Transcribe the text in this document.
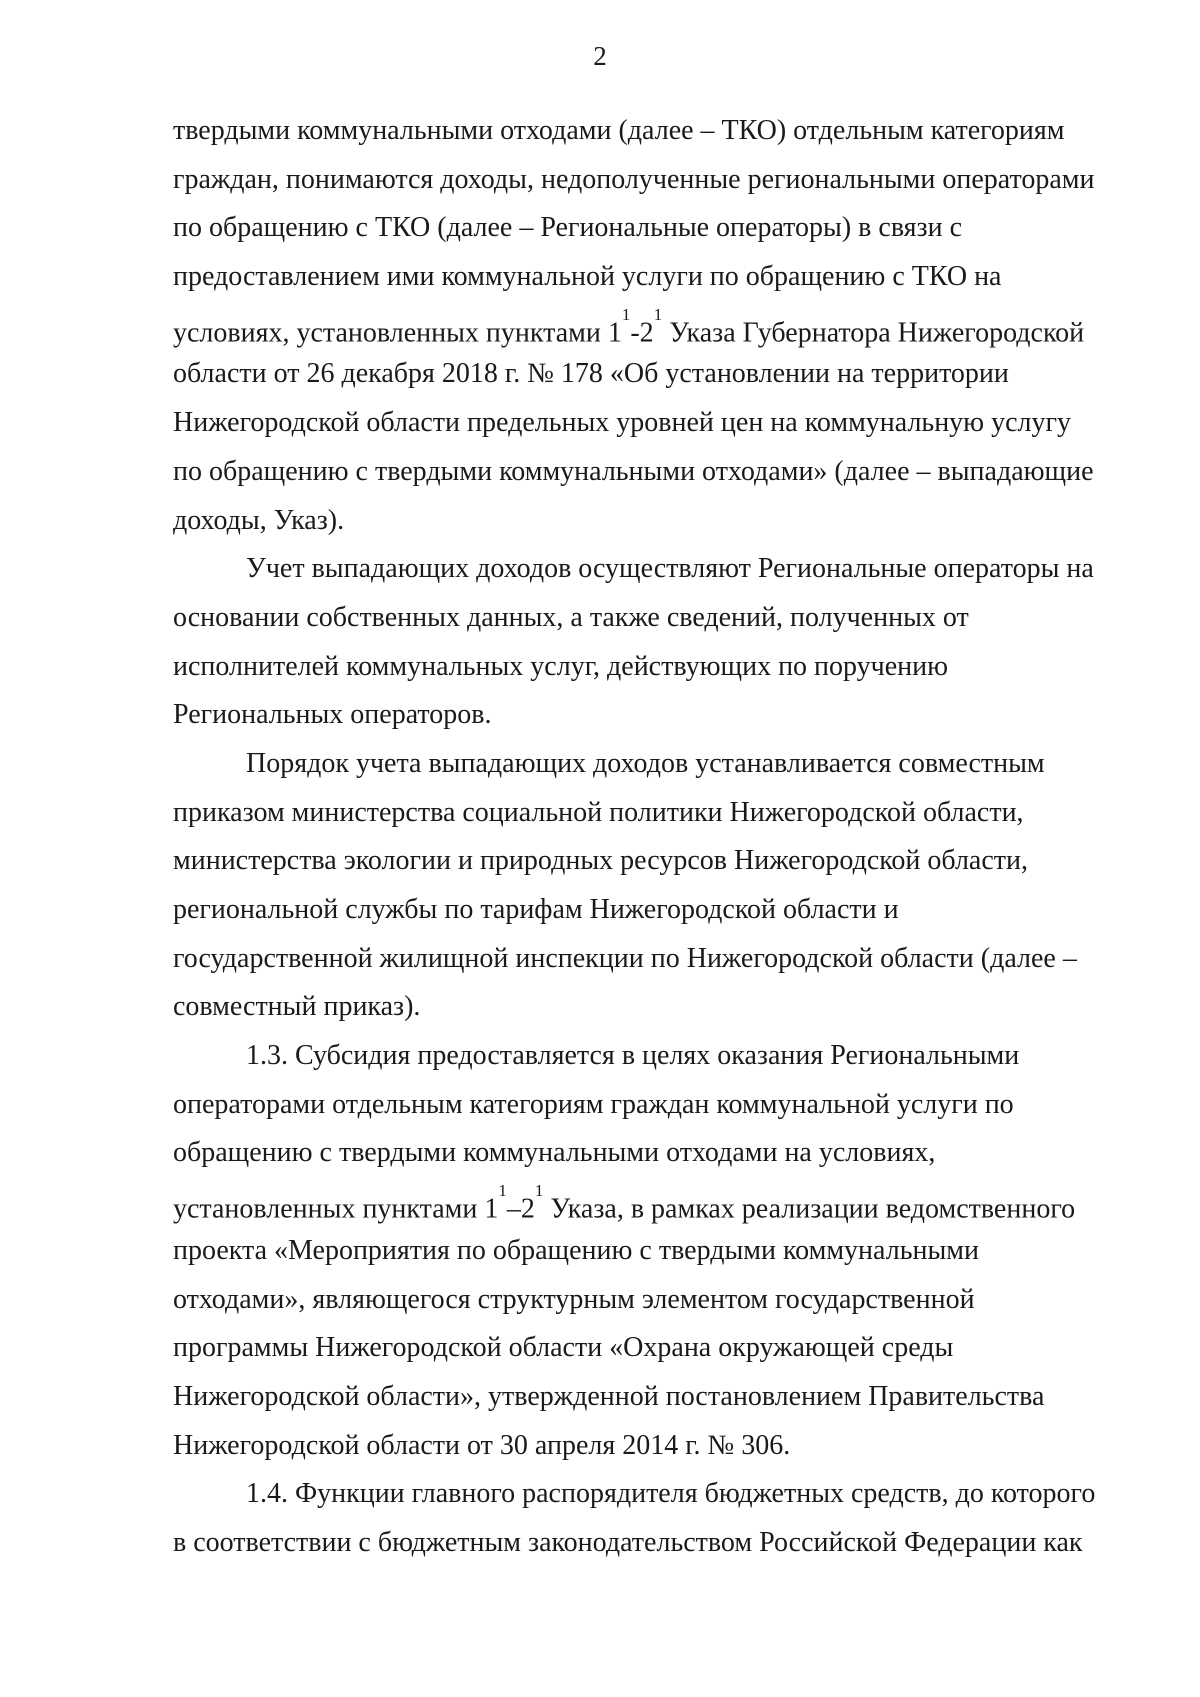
2
твердыми коммунальными отходами (далее – ТКО) отдельным категориям
граждан, понимаются доходы, недополученные региональными операторами
по обращению с ТКО (далее – Региональные операторы) в связи с
предоставлением ими коммунальной услуги по обращению с ТКО на
условиях, установленных пунктами $1^1-2^1$ Указа Губернатора Нижегородской
области от 26 декабря 2018 г. № 178 «Об установлении на территории
Нижегородской области предельных уровней цен на коммунальную услугу
по обращению с твердыми коммунальными отходами» (далее – выпадающие
доходы, Указ).
Учет выпадающих доходов осуществляют Региональные операторы на
основании собственных данных, а также сведений, полученных от
исполнителей коммунальных услуг, действующих по поручению
Региональных операторов.
Порядок учета выпадающих доходов устанавливается совместным
приказом министерства социальной политики Нижегородской области,
министерства экологии и природных ресурсов Нижегородской области,
региональной службы по тарифам Нижегородской области и
государственной жилищной инспекции по Нижегородской области (далее –
совместный приказ).
1.3. Субсидия предоставляется в целях оказания Региональными
операторами отдельным категориям граждан коммунальной услуги по
обращению с твердыми коммунальными отходами на условиях,
установленных пунктами $1^1-2^1$ Указа, в рамках реализации ведомственного
проекта «Мероприятия по обращению с твердыми коммунальными
отходами», являющегося структурным элементом государственной
программы Нижегородской области «Охрана окружающей среды
Нижегородской области», утвержденной постановлением Правительства
Нижегородской области от 30 апреля 2014 г. № 306.
1.4. Функции главного распорядителя бюджетных средств, до которого
в соответствии с бюджетным законодательством Российской Федерации как
